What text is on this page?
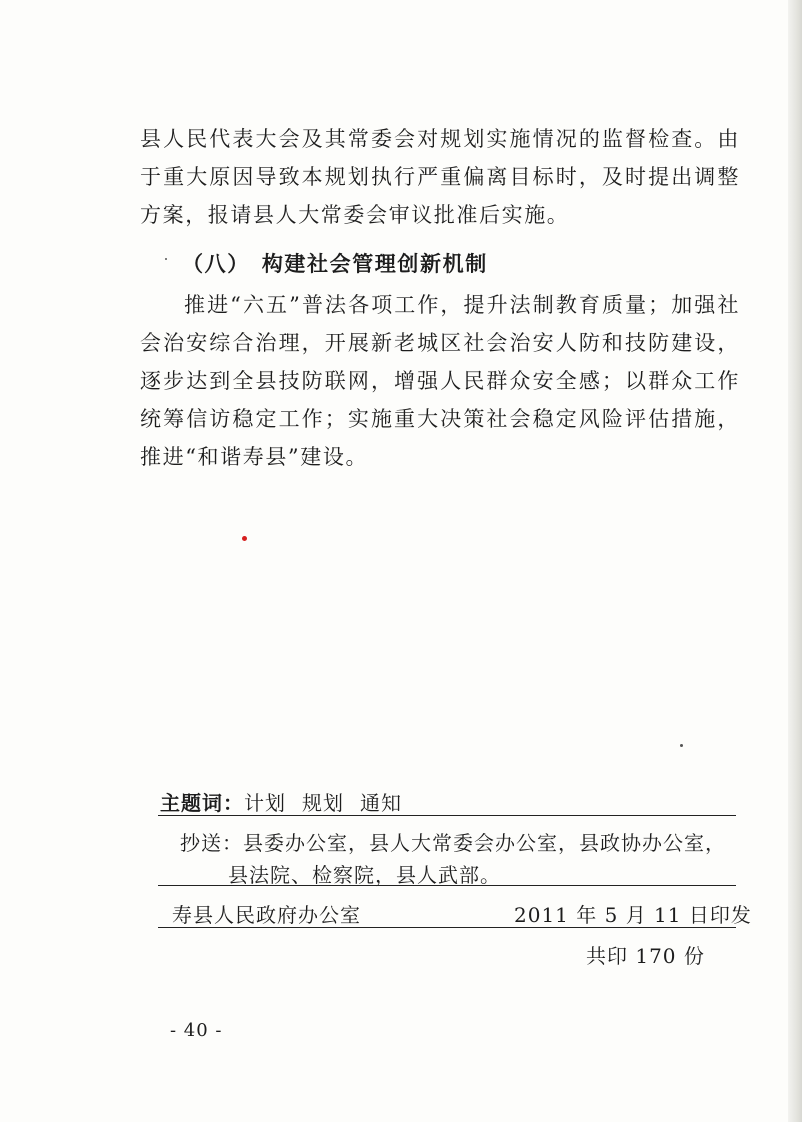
县人民代表大会及其常委会对规划实施情况的监督检查。由于重大原因导致本规划执行严重偏离目标时，及时提出调整方案，报请县人大常委会审议批准后实施。

（八） 构建社会管理创新机制

推进“六五”普法各项工作，提升法制教育质量；加强社会治安综合治理，开展新老城区社会治安人防和技防建设，逐步达到全县技防联网，增强人民群众安全感；以群众工作统筹信访稳定工作；实施重大决策社会稳定风险评估措施，推进“和谐寿县”建设。

主题词：计划 规划 通知

抄送：县委办公室，县人大常委会办公室，县政协办公室，

县法院、检察院，县人武部。

寿县人民政府办公室	2011 年 5 月 11 日印发

共印 170 份

- 40 -
